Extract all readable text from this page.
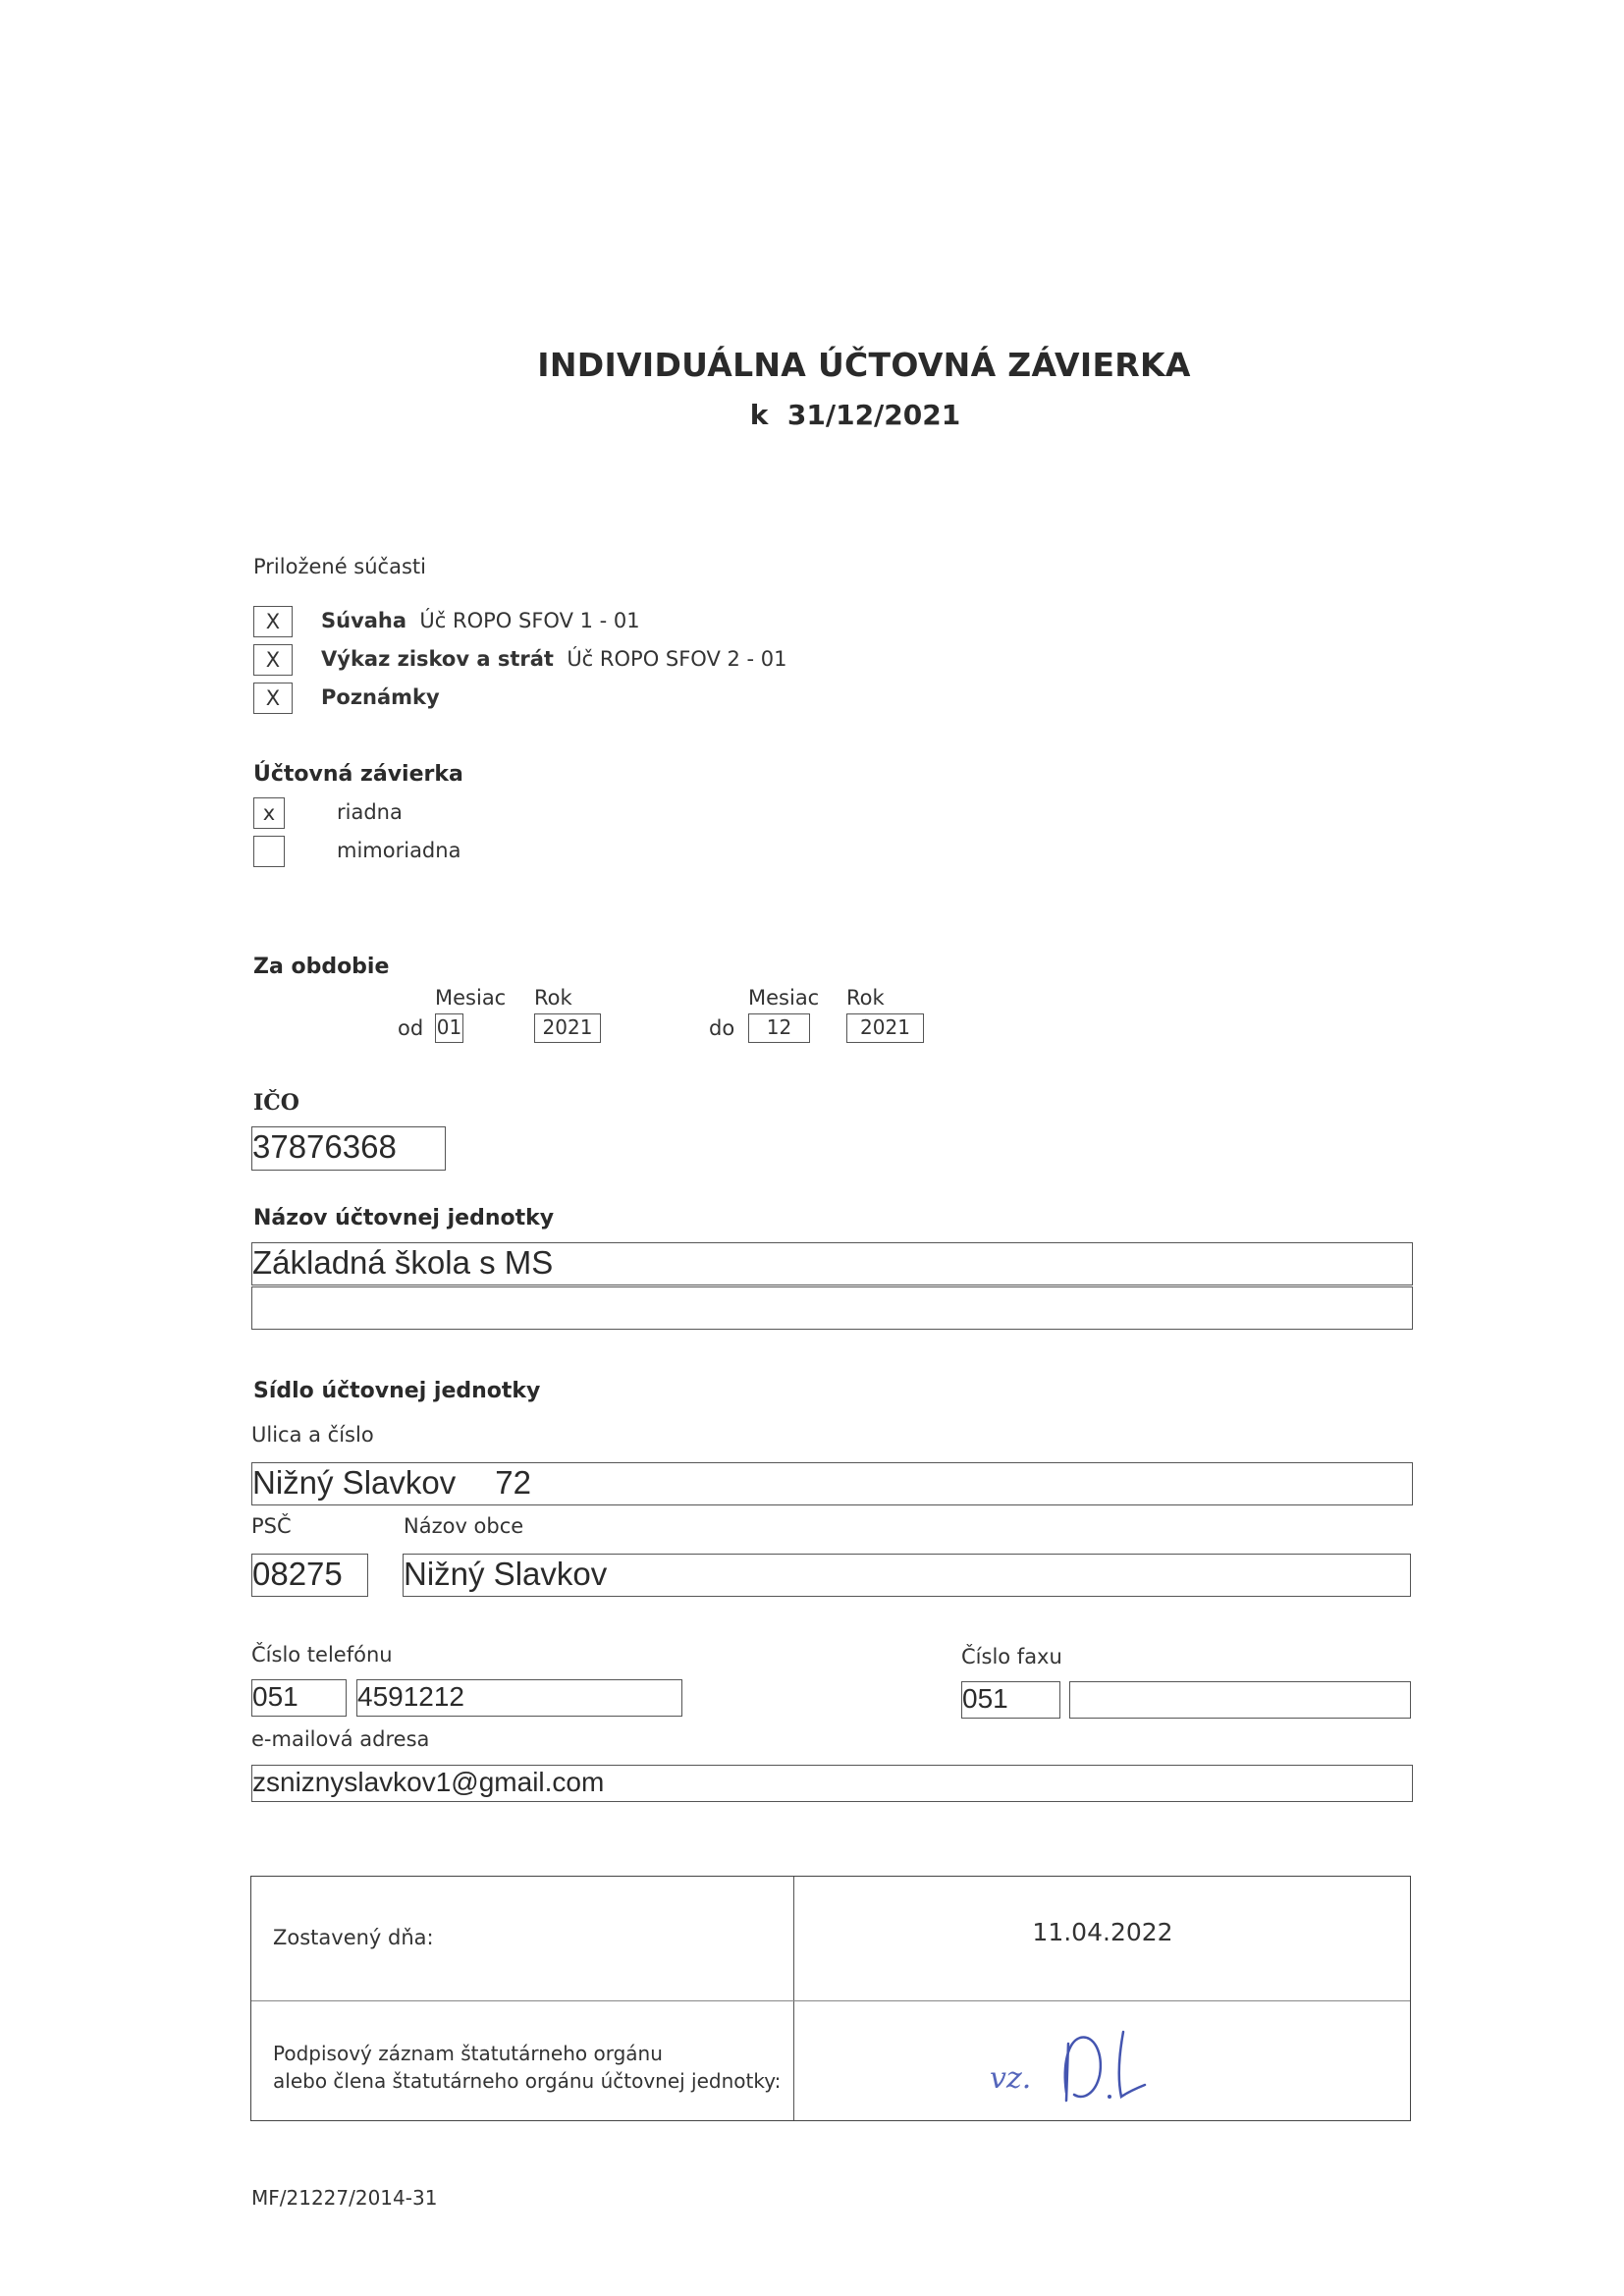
INDIVIDUÁLNA ÚČTOVNÁ ZÁVIERKA
k  31/12/2021
Priložené súčasti
X	Súvaha Úč ROPO SFOV 1 - 01
X	Výkaz ziskov a strát Úč ROPO SFOV 2 - 01
X	Poznámky
Účtovná závierka
x	riadna
mimoriadna
Za obdobie
Mesiac Rok	Mesiac Rok
od 01	2021	do	12	2021
IČO
37876368
Názov účtovnej jednotky
Základná škola s MS
Sídlo účtovnej jednotky
Ulica a číslo
Nižný Slavkov 72
PSČ	Názov obce
08275	Nižný Slavkov
Číslo telefónu	Číslo faxu
051	4591212	051
e-mailová adresa
zsniznyslavkov1@gmail.com
Zostavený dňa:	11.04.2022
Podpisový záznam štatutárneho orgánu
alebo člena štatutárneho orgánu účtovnej jednotky:	vz.
MF/21227/2014-31
